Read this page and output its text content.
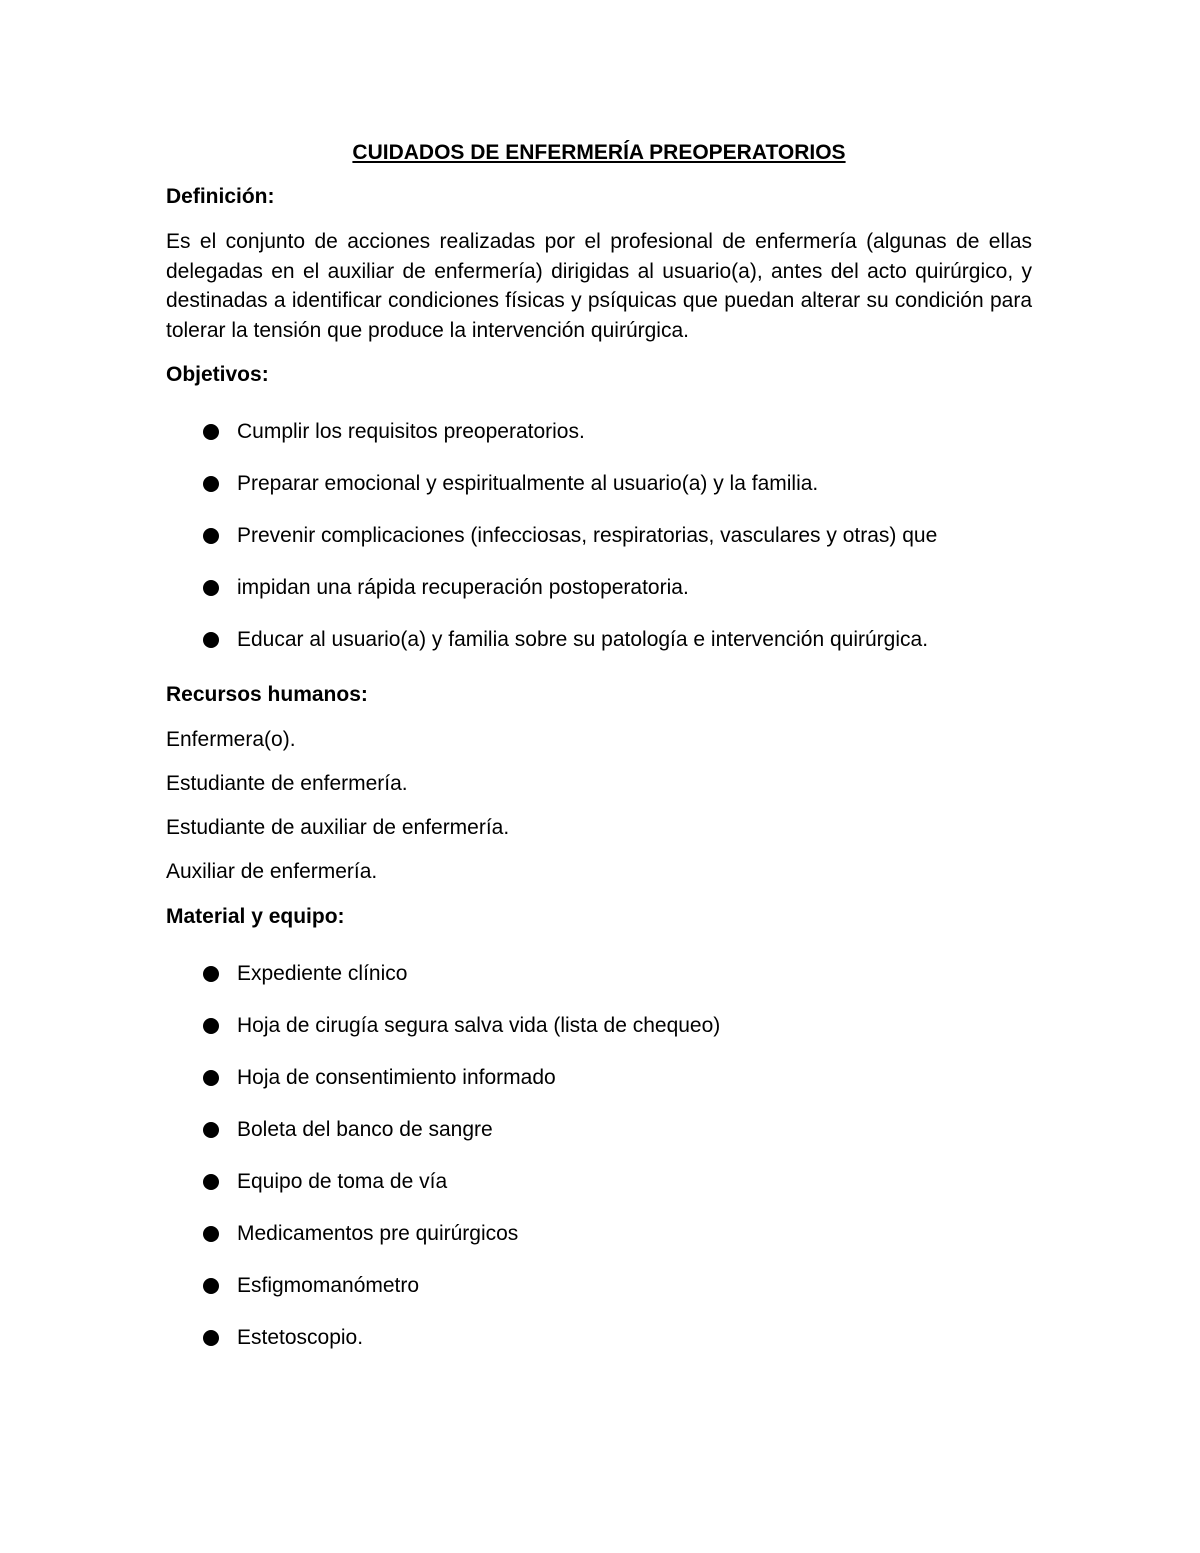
CUIDADOS DE ENFERMERÍA PREOPERATORIOS
Definición:

Es el conjunto de acciones realizadas por el profesional de enfermería (algunas de ellas delegadas en el auxiliar de enfermería) dirigidas al usuario(a), antes del acto quirúrgico, y destinadas a identificar condiciones físicas y psíquicas que puedan alterar su condición para tolerar la tensión que produce la intervención quirúrgica.

Objetivos:
Cumplir los requisitos preoperatorios.
Preparar emocional y espiritualmente al usuario(a) y la familia.
Prevenir complicaciones (infecciosas, respiratorias, vasculares y otras) que
impidan una rápida recuperación postoperatoria.
Educar al usuario(a) y familia sobre su patología e intervención quirúrgica.
Recursos humanos:

Enfermera(o).

Estudiante de enfermería.

Estudiante de auxiliar de enfermería.

Auxiliar de enfermería.

Material y equipo:
Expediente clínico
Hoja de cirugía segura salva vida (lista de chequeo)
Hoja de consentimiento informado
Boleta del banco de sangre
Equipo de toma de vía
Medicamentos pre quirúrgicos
Esfigmomanómetro
Estetoscopio.
